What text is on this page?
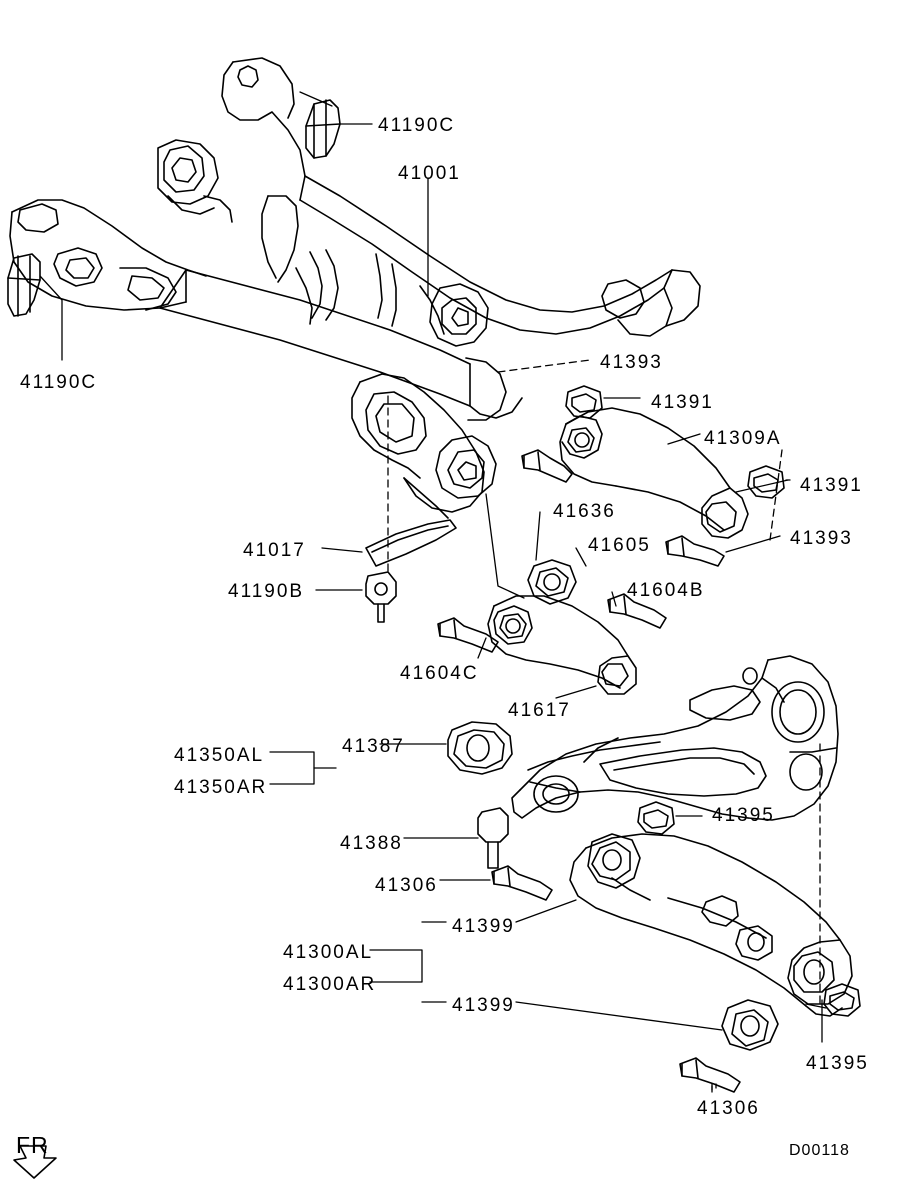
41190C
41001
41190C
41393
41391
41309A
41391
41393
41636
41605
41017
41604B
41190B
41604C
41617
41350AL	41387
41350AR
41395
41388
41306
41399
41300AL
41300AR
41399
41395
41306
FR	D00118
